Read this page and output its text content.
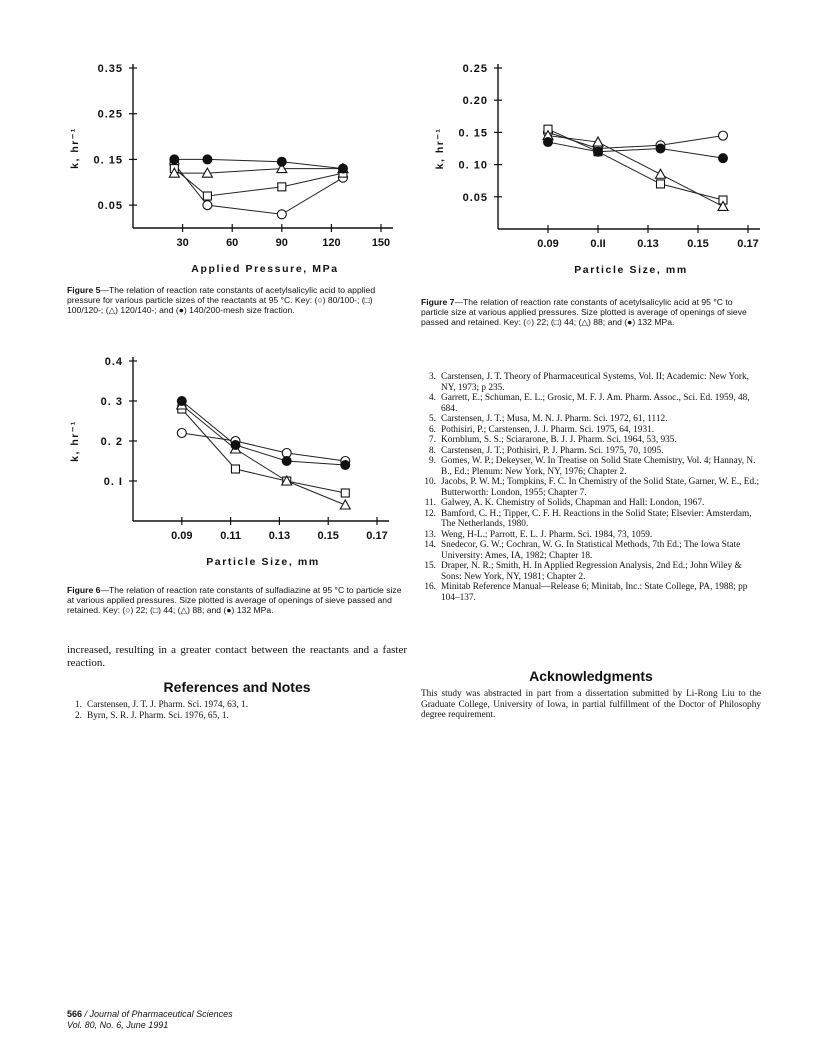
0.05
0. 15
0.25
0.35
30	60	90	120	150
Applied Pressure, MPa
k, hr⁻¹
Figure 5—The relation of reaction rate constants of acetylsalicylic acid to applied pressure for various particle sizes of the reactants at 95 °C. Key: (○) 80/100-; (□) 100/120-; (△) 120/140-; and (●) 140/200-mesh size fraction.
0.05
0. 10
0. 15
0.20
0.25
0.09	0.II	0.13	0.15	0.17
Particle Size, mm
k, hr⁻¹
Figure 7—The relation of reaction rate constants of acetylsalicylic acid at 95 °C to particle size at various applied pressures. Size plotted is average of openings of sieve passed and retained. Key: (○) 22; (□) 44; (△) 88; and (●) 132 MPa.
0. I
0. 2
0. 3
0.4
0.09	0.11	0.13 0.15 0.17
Particle Size, mm
k, hr⁻¹
Figure 6—The relation of reaction rate constants of sulfadiazine at 95 °C to particle size at various applied pressures. Size plotted is average of openings of sieve passed and retained. Key: (○) 22; (□) 44; (△) 88; and (●) 132 MPa.
increased, resulting in a greater contact between the reactants and a faster reaction.
References and Notes
1. Carstensen, J. T. J. Pharm. Sci. 1974, 63, 1.
2. Byrn, S. R. J. Pharm. Sci. 1976, 65, 1.
3. Carstensen, J. T. Theory of Pharmaceutical Systems, Vol. II; Academic: New York, NY, 1973; p 235.
4. Garrett, E.; Schuman, E. L.; Grosic, M. F. J. Am. Pharm. Assoc., Sci. Ed. 1959, 48, 684.
5. Carstensen, J. T.; Musa, M. N. J. Pharm. Sci. 1972, 61, 1112.
6. Pothisiri, P.; Carstensen, J. J. Pharm. Sci. 1975, 64, 1931.
7. Kornblum, S. S.; Sciararone, B. J. J. Pharm. Sci. 1964, 53, 935.
8. Carstensen, J. T.; Pothisiri, P. J. Pharm. Sci. 1975, 70, 1095.
9. Gomes, W. P.; Dekeyser, W. In Treatise on Solid State Chemistry, Vol. 4; Hannay, N. B., Ed.; Plenum: New York, NY, 1976; Chapter 2.
10. Jacobs, P. W. M.; Tompkins, F. C. In Chemistry of the Solid State, Garner, W. E., Ed.; Butterworth: London, 1955; Chapter 7.
11. Galwey, A. K. Chemistry of Solids, Chapman and Hall: London, 1967.
12. Bamford, C. H.; Tipper, C. F. H. Reactions in the Solid State; Elsevier: Amsterdam, The Netherlands, 1980.
13. Weng, H-L.; Parrott, E. L. J. Pharm. Sci. 1984, 73, 1059.
14. Snedecor, G. W.; Cochran, W. G. In Statistical Methods, 7th Ed.; The Iowa State University: Ames, IA, 1982; Chapter 18.
15. Draper, N. R.; Smith, H. In Applied Regression Analysis, 2nd Ed.; John Wiley & Sons: New York, NY, 1981; Chapter 2.
16. Minitab Reference Manual—Release 6; Minitab, Inc.: State College, PA, 1988; pp 104–137.
Acknowledgments
This study was abstracted in part from a dissertation submitted by Li-Rong Liu to the Graduate College, University of Iowa, in partial fulfillment of the Doctor of Philosophy degree requirement.
566 / Journal of Pharmaceutical Sciences
Vol. 80, No. 6, June 1991
